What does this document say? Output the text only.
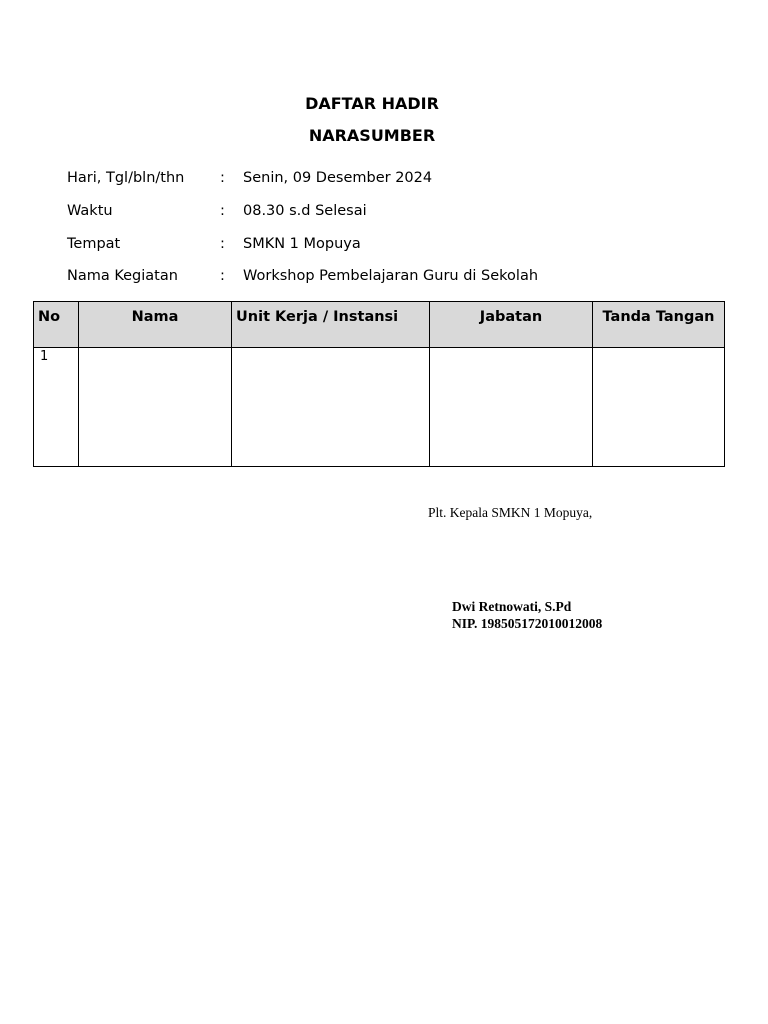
DAFTAR HADIR
NARASUMBER
Hari, Tgl/bln/thn : Senin, 09 Desember 2024
Waktu	: 08.30 s.d Selesai
Tempat	: SMKN 1 Mopuya
Nama Kegiatan	: Workshop Pembelajaran Guru di Sekolah
No	Nama	Unit Kerja / Instansi	Jabatan	Tanda Tangan
1				
Plt. Kepala SMKN 1 Mopuya,
Dwi Retnowati, S.Pd
NIP. 198505172010012008
